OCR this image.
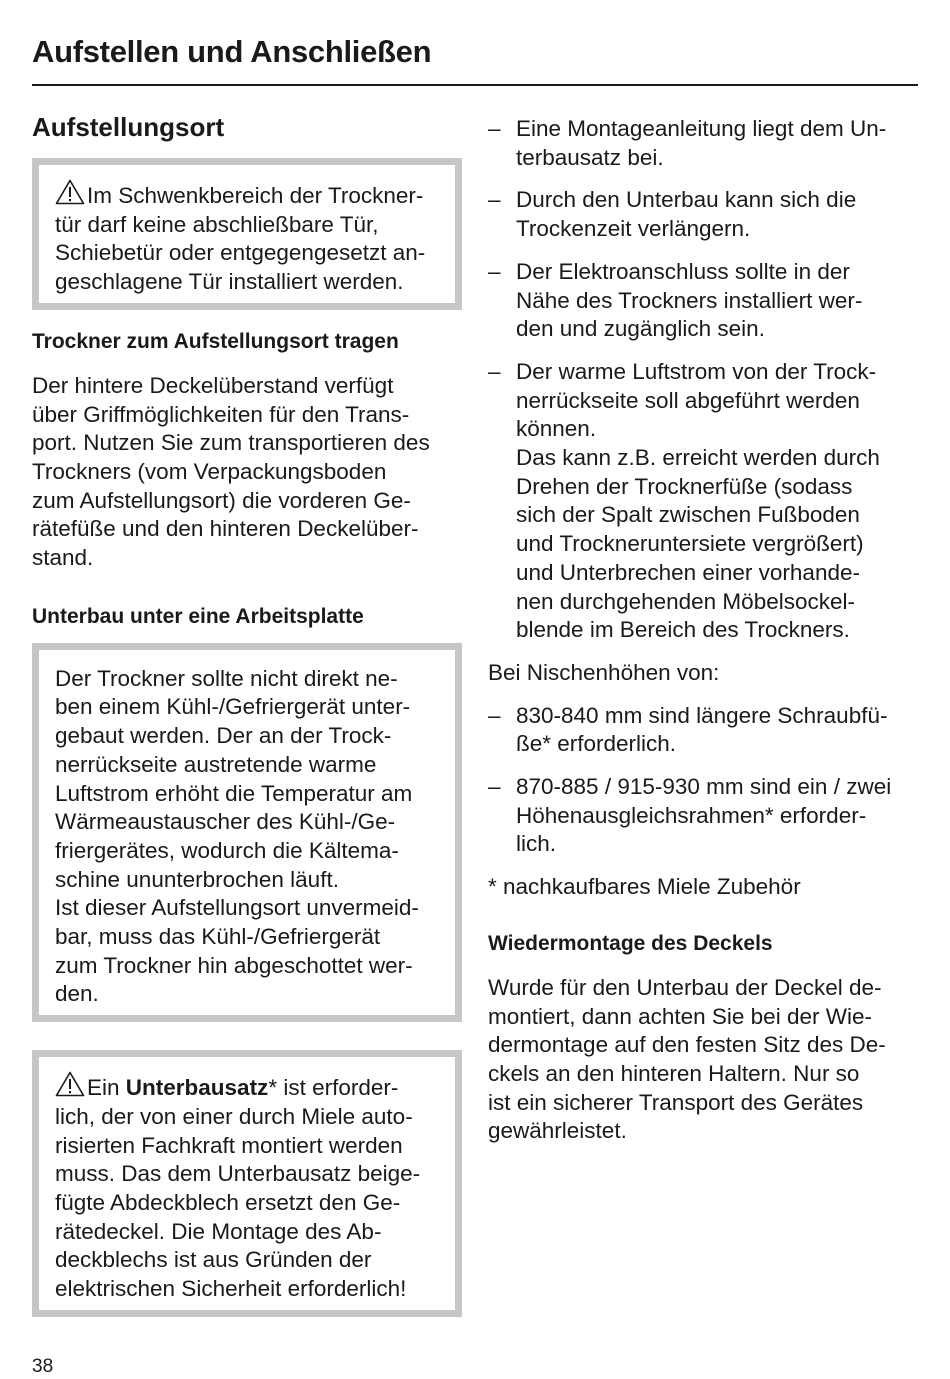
Aufstellen und Anschließen
Aufstellungsort

Im Schwenkbereich der Trockner-
tür darf keine abschließbare Tür,
Schiebetür oder entgegengesetzt an-
geschlagene Tür installiert werden.

Trockner zum Aufstellungsort tragen

Der hintere Deckelüberstand verfügt
über Griffmöglichkeiten für den Trans-
port. Nutzen Sie zum transportieren des
Trockners (vom Verpackungsboden
zum Aufstellungsort) die vorderen Ge-
rätefüße und den hinteren Deckelüber-
stand.

Unterbau unter eine Arbeitsplatte

Der Trockner sollte nicht direkt ne-
ben einem Kühl-/Gefriergerät unter-
gebaut werden. Der an der Trock-
nerrückseite austretende warme
Luftstrom erhöht die Temperatur am
Wärmeaustauscher des Kühl-/Ge-
friergerätes, wodurch die Kältema-
schine ununterbrochen läuft.
Ist dieser Aufstellungsort unvermeid-
bar, muss das Kühl-/Gefriergerät
zum Trockner hin abgeschottet wer-
den.

Ein Unterbausatz* ist erforder-
lich, der von einer durch Miele auto-
risierten Fachkraft montiert werden
muss. Das dem Unterbausatz beige-
fügte Abdeckblech ersetzt den Ge-
rätedeckel. Die Montage des Ab-
deckblechs ist aus Gründen der
elektrischen Sicherheit erforderlich!

– Eine Montageanleitung liegt dem Un-
terbausatz bei.
– Durch den Unterbau kann sich die
Trockenzeit verlängern.
– Der Elektroanschluss sollte in der
Nähe des Trockners installiert wer-
den und zugänglich sein.
– Der warme Luftstrom von der Trock-
nerrückseite soll abgeführt werden
können.
Das kann z.B. erreicht werden durch
Drehen der Trocknerfüße (sodass
sich der Spalt zwischen Fußboden
und Trockneruntersiete vergrößert)
und Unterbrechen einer vorhande-
nen durchgehenden Möbelsockel-
blende im Bereich des Trockners.

Bei Nischenhöhen von:

– 830-840 mm sind längere Schraubfü-
ße* erforderlich.
– 870-885 / 915-930 mm sind ein / zwei
Höhenausgleichsrahmen* erforder-
lich.

* nachkaufbares Miele Zubehör

Wiedermontage des Deckels

Wurde für den Unterbau der Deckel de-
montiert, dann achten Sie bei der Wie-
dermontage auf den festen Sitz des De-
ckels an den hinteren Haltern. Nur so
ist ein sicherer Transport des Gerätes
gewährleistet.

38
